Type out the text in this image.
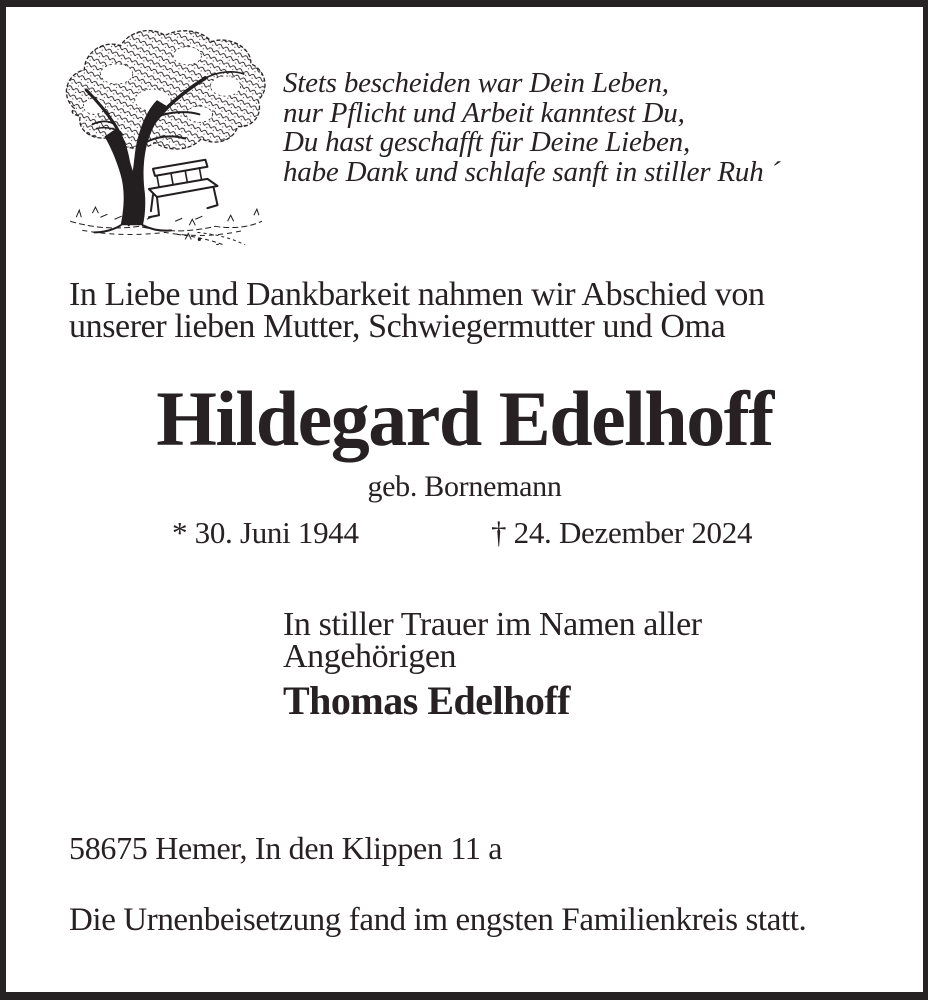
Stets bescheiden war Dein Leben,
nur Pflicht und Arbeit kanntest Du,
Du hast geschafft für Deine Lieben,
habe Dank und schlafe sanft in stiller Ruh ´
In Liebe und Dankbarkeit nahmen wir Abschied von
unserer lieben Mutter, Schwiegermutter und Oma
Hildegard Edelhoff
geb. Bornemann
* 30. Juni 1944	† 24. Dezember 2024
In stiller Trauer im Namen aller
Angehörigen
Thomas Edelhoff
58675 Hemer, In den Klippen 11 a
Die Urnenbeisetzung fand im engsten Familienkreis statt.
